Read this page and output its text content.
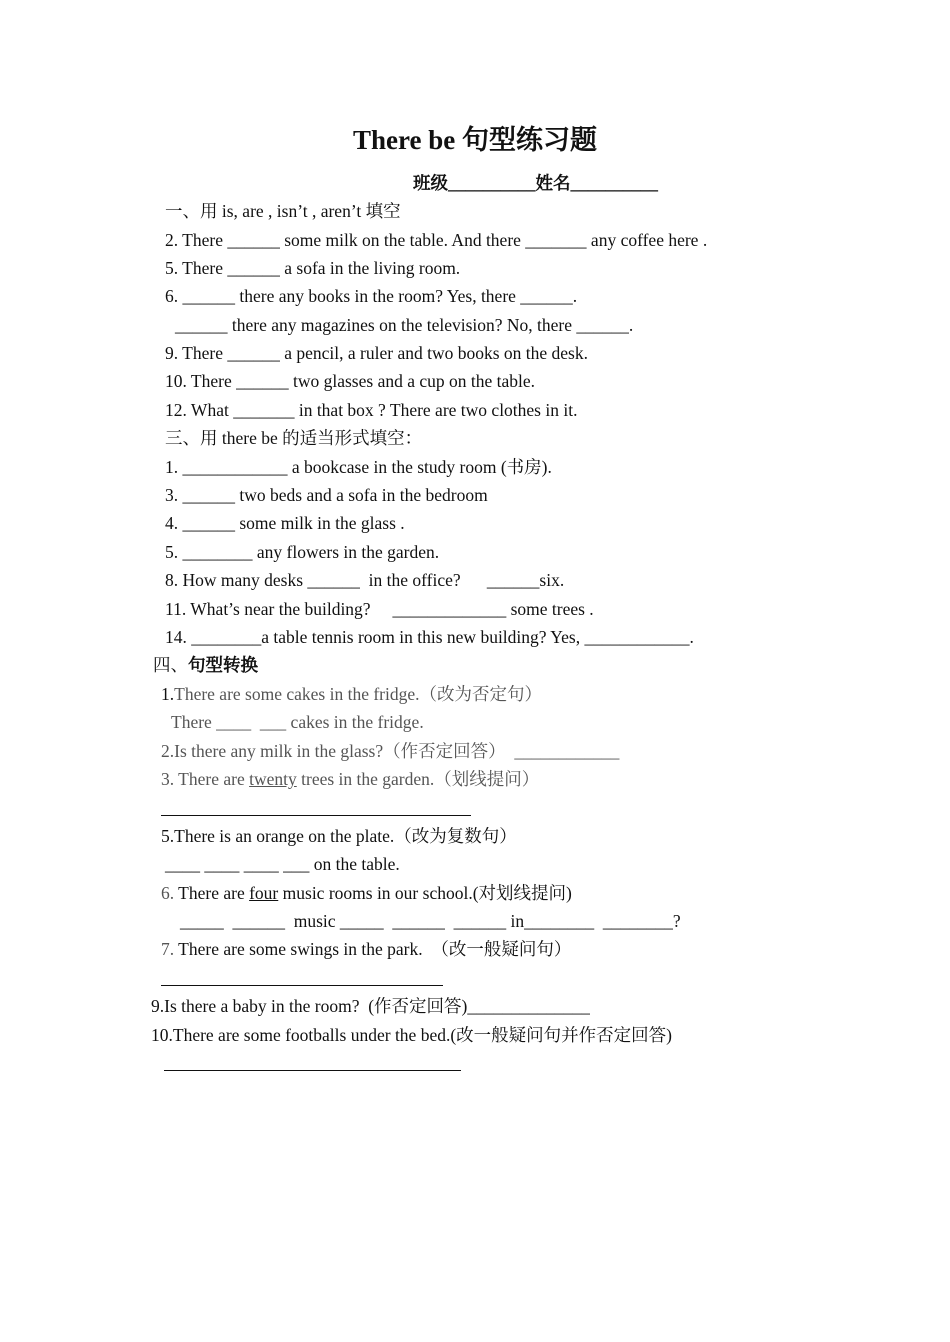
There be 句型练习题
班级__________姓名__________
一、用 is, are , isn’t , aren’t 填空
2. There ______ some milk on the table. And there _______ any coffee here .
5. There ______ a sofa in the living room.
6. ______ there any books in the room? Yes, there ______.
______ there any magazines on the television? No, there ______.
9. There ______ a pencil, a ruler and two books on the desk.
10. There ______ two glasses and a cup on the table.
12. What _______ in that box ? There are two clothes in it.
三、用 there be 的适当形式填空：
1. ____________ a bookcase in the study room (书房).
3. ______ two beds and a sofa in the bedroom
4. ______ some milk in the glass .
5. ________ any flowers in the garden.
8. How many desks ______  in the office?      ______six.
11. What’s near the building?     _____________ some trees .
14. ________a table tennis room in this new building? Yes, ____________.
四、句型转换
1.There are some cakes in the fridge.（改为否定句）
There ____  ___ cakes in the fridge.
2.Is there any milk in the glass?（作否定回答）  ____________
3. There are twenty trees in the garden.（划线提问）
5.There is an orange on the plate.（改为复数句）
____ ____ ____ ___ on the table.
6. There are four music rooms in our school.(对划线提问)
_____  ______  music _____  ______  ______ in________  ________?
7. There are some swings in the park.  （改一般疑问句）
9.Is there a baby in the room?  (作否定回答)______________
10.There are some footballs under the bed.(改一般疑问句并作否定回答)
